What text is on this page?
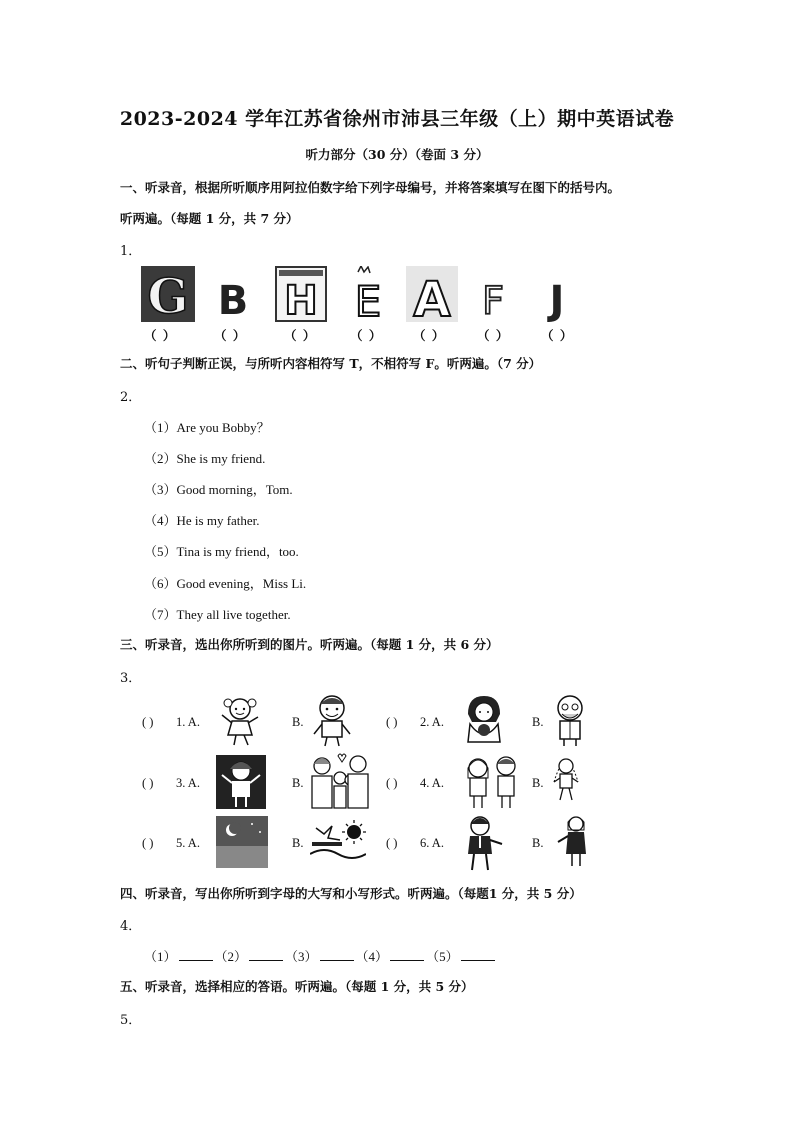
2023-2024 学年江苏省徐州市沛县三年级（上）期中英语试卷
听力部分（30 分）（卷面 3 分）
一、听录音，根据所听顺序用阿拉伯数字给下列字母编号，并将答案填写在图下的括号内。
听两遍。（每题 1 分，共 7 分）
1．
G B H E A F J
（ ）	（ ）	（ ）	（ ） （ ）	（ ）	（ ）
二、听句子判断正误，与所听内容相符写 T，不相符写 F。听两遍。（7 分）
2．
（1）Are you Bobby？
（2）She is my friend.
（3）Good morning，Tom.
（4）He is my father.
（5）Tina is my friend，too.
（6）Good evening，Miss Li.
（7）They all live together.
三、听录音，选出你所听到的图片。听两遍。（每题 1 分，共 6 分）
3．
( ) 1. A.	B.	( ) 2. A.	B.
( ) 3. A.	B.	( ) 4. A.	B.
( ) 5. A.	B.	( ) 6. A.	B.
四、听录音，写出你所听到字母的大写和小写形式。听两遍。（每题1 分，共 5 分）
4．
（1）	（2）	（3）	（4）	（5）
五、听录音，选择相应的答语。听两遍。（每题 1 分，共 5 分）
5．
